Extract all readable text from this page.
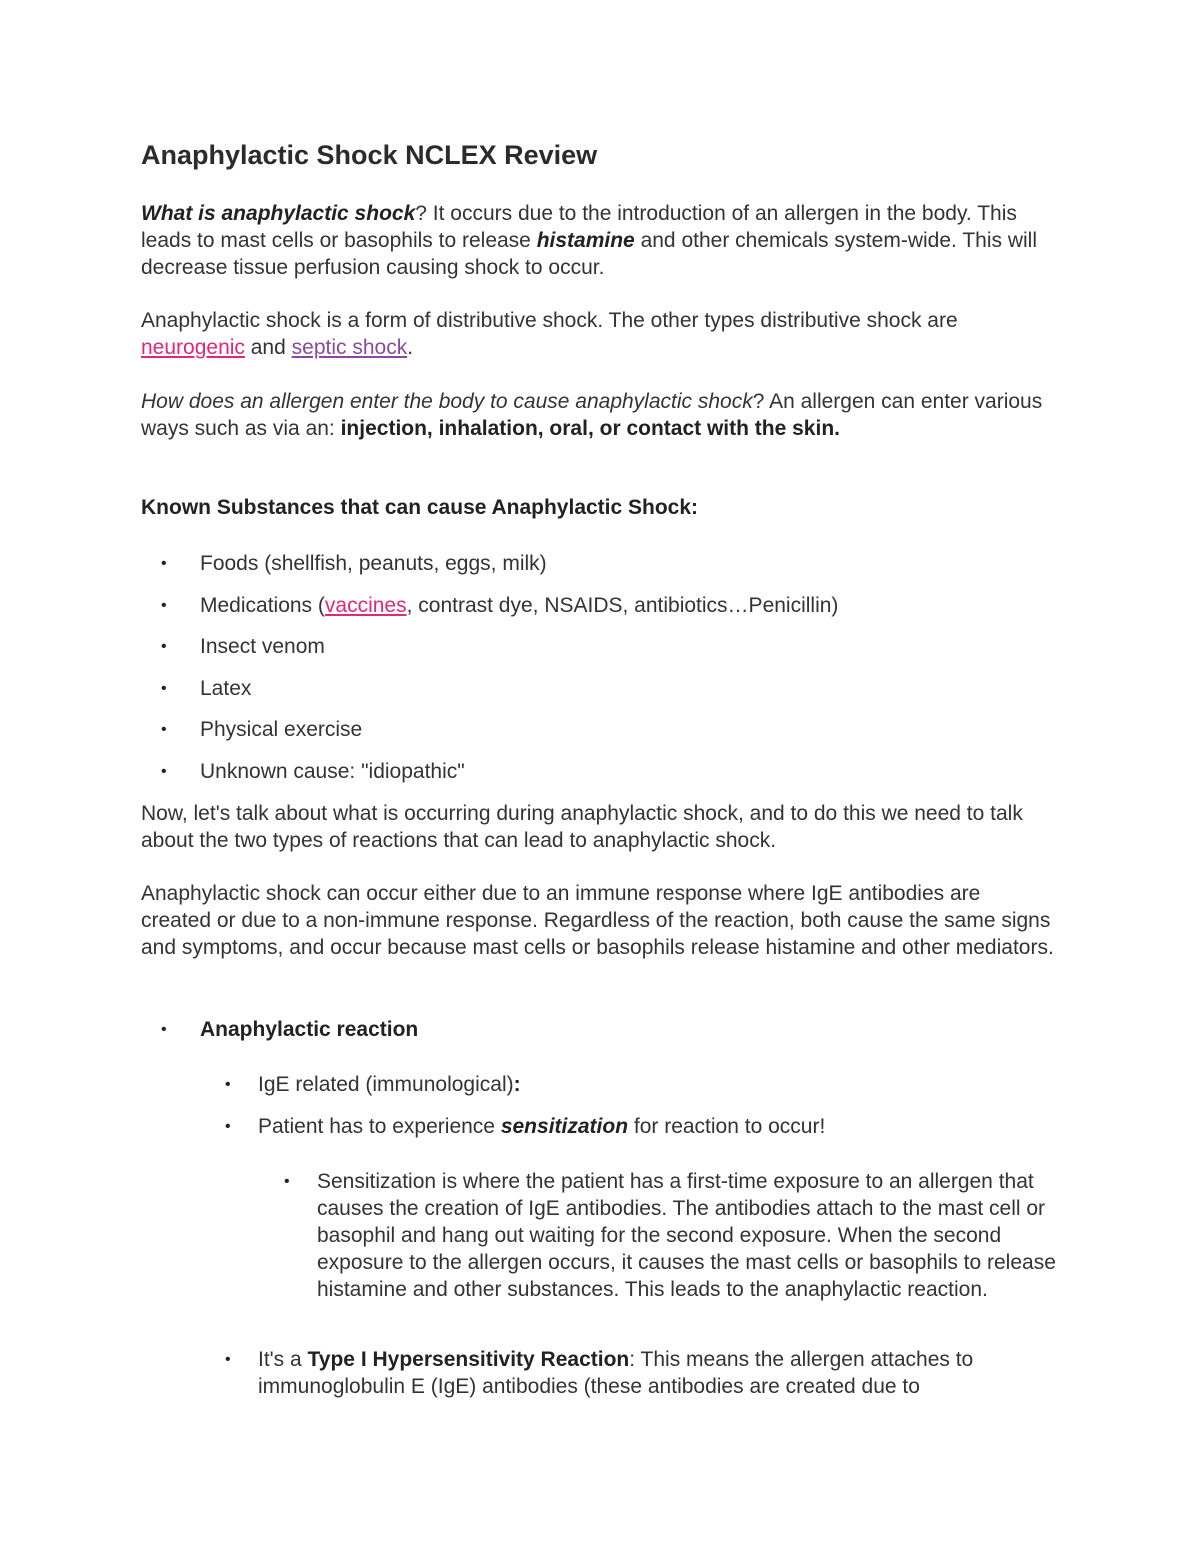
Anaphylactic Shock NCLEX Review

What is anaphylactic shock? It occurs due to the introduction of an allergen in the body. This leads to mast cells or basophils to release histamine and other chemicals system-wide. This will decrease tissue perfusion causing shock to occur.

Anaphylactic shock is a form of distributive shock. The other types distributive shock are neurogenic and septic shock.

How does an allergen enter the body to cause anaphylactic shock? An allergen can enter various ways such as via an: injection, inhalation, oral, or contact with the skin.

Known Substances that can cause Anaphylactic Shock:
• Foods (shellfish, peanuts, eggs, milk)
• Medications (vaccines, contrast dye, NSAIDS, antibiotics…Penicillin)
• Insect venom
• Latex
• Physical exercise
• Unknown cause: "idiopathic"

Now, let's talk about what is occurring during anaphylactic shock, and to do this we need to talk about the two types of reactions that can lead to anaphylactic shock.

Anaphylactic shock can occur either due to an immune response where IgE antibodies are created or due to a non-immune response. Regardless of the reaction, both cause the same signs and symptoms, and occur because mast cells or basophils release histamine and other mediators.

• Anaphylactic reaction
• IgE related (immunological):
• Patient has to experience sensitization for reaction to occur!
• Sensitization is where the patient has a first-time exposure to an allergen that causes the creation of IgE antibodies. The antibodies attach to the mast cell or basophil and hang out waiting for the second exposure. When the second exposure to the allergen occurs, it causes the mast cells or basophils to release histamine and other substances. This leads to the anaphylactic reaction.
• It's a Type I Hypersensitivity Reaction: This means the allergen attaches to immunoglobulin E (IgE) antibodies (these antibodies are created due to
